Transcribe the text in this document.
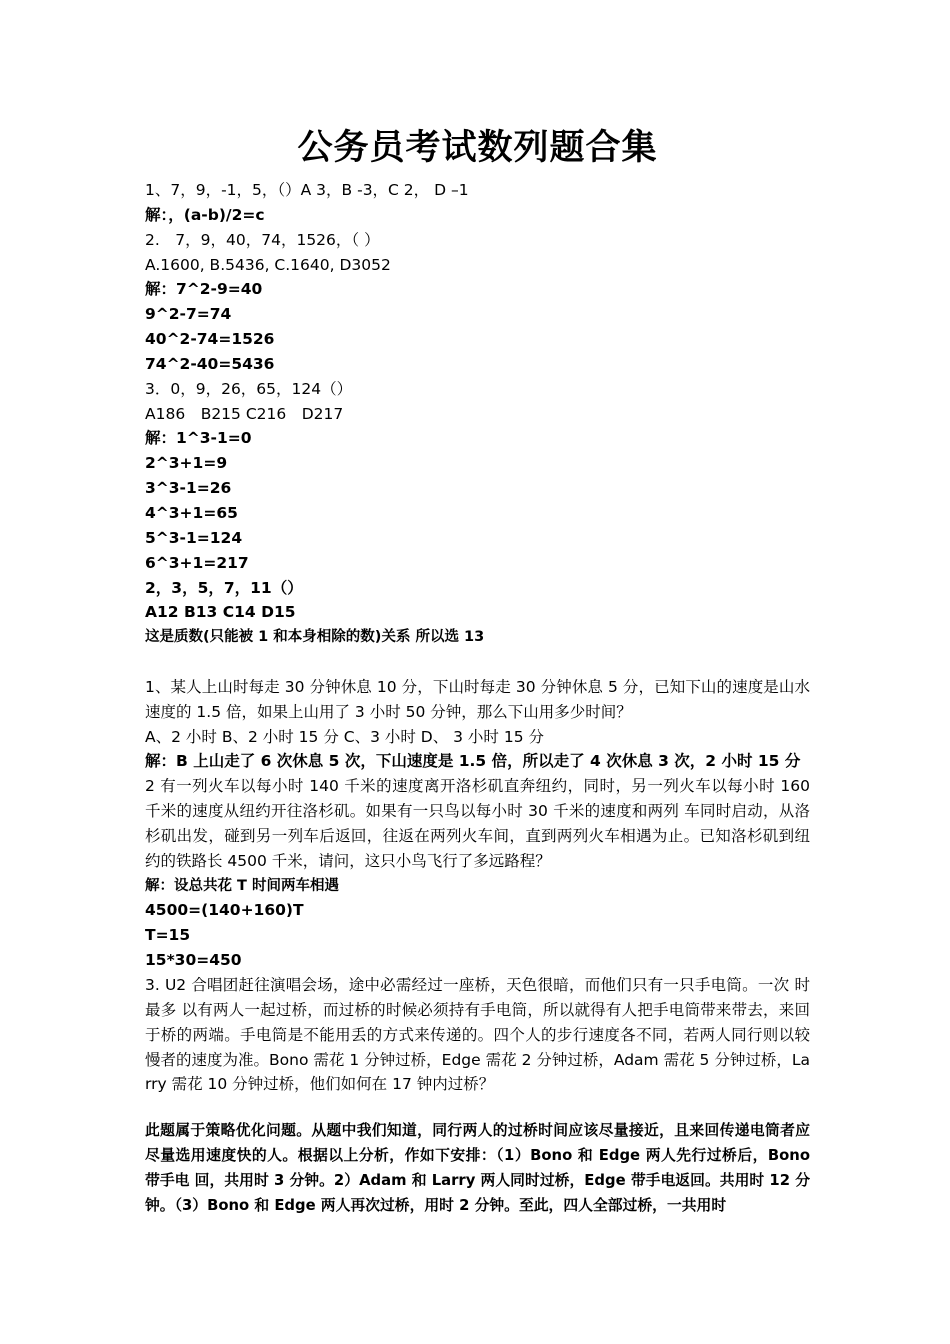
公务员考试数列题合集
1、7，9，-1，5，（）A 3，B -3，C 2， D –1
解：，(a-b)/2=c
2.　7，9，40，74，1526，（ ）
A.1600, B.5436, C.1640, D3052
解：7^2-9=40
9^2-7=74
40^2-74=1526
74^2-40=5436
3．0，9，26，65，124（）
A186　B215 C216　D217
解：1^3-1=0
2^3+1=9
3^3-1=26
4^3+1=65
5^3-1=124
6^3+1=217
2，3，5，7，11（）
A12 B13 C14 D15
这是质数(只能被 1 和本身相除的数)关系 所以选 13
1、某人上山时每走 30 分钟休息 10 分，下山时每走 30 分钟休息 5 分，已知下山的速度是山水速度的 1.5 倍，如果上山用了 3 小时 50 分钟，那么下山用多少时间？
A、2 小时 B、2 小时 15 分 C、3 小时 D、 3 小时 15 分
解：B 上山走了 6 次休息 5 次，下山速度是 1.5 倍，所以走了 4 次休息 3 次，2 小时 15 分
2 有一列火车以每小时 140 千米的速度离开洛杉矶直奔纽约，同时，另一列火车以每小时 160 千米的速度从纽约开往洛杉矶。如果有一只鸟以每小时 30 千米的速度和两列 车同时启动，从洛杉矶出发，碰到另一列车后返回，往返在两列火车间，直到两列火车相遇为止。已知洛杉矶到纽约的铁路长 4500 千米，请问，这只小鸟飞行了多远路程？
解：设总共花 T 时间两车相遇
4500=(140+160)T
T=15
15*30=450
3. U2 合唱团赶往演唱会场，途中必需经过一座桥，天色很暗，而他们只有一只手电筒。一次 时最多 以有两人一起过桥，而过桥的时候必须持有手电筒，所以就得有人把手电筒带来带去，来回于桥的两端。手电筒是不能用丢的方式来传递的。四个人的步行速度各不同，若两人同行则以较慢者的速度为准。Bono 需花 1 分钟过桥，Edge 需花 2 分钟过桥，Adam 需花 5 分钟过桥，Larry 需花 10 分钟过桥，他们如何在 17 钟内过桥？
此题属于策略优化问题。从题中我们知道，同行两人的过桥时间应该尽量接近，且来回传递电筒者应尽量选用速度快的人。根据以上分析，作如下安排：（1）Bono 和 Edge 两人先行过桥后，Bono 带手电 回，共用时 3 分钟。2）Adam 和 Larry 两人同时过桥，Edge 带手电返回。共用时 12 分钟。（3）Bono 和 Edge 两人再次过桥，用时 2 分钟。至此，四人全部过桥，一共用时
